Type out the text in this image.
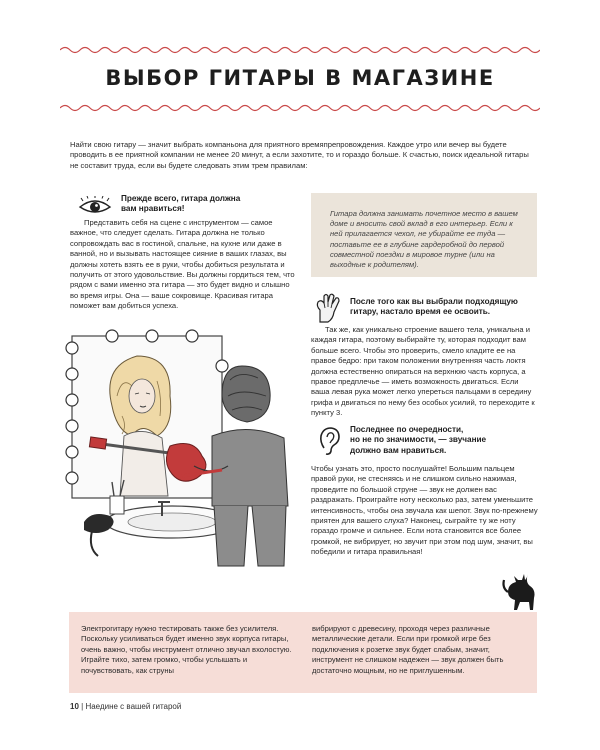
ВЫБОР ГИТАРЫ В МАГАЗИНЕ
Найти свою гитару — значит выбрать компаньона для приятного времяпрепровождения. Каждое утро или вечер вы будете проводить в ее приятной компании не менее 20 минут, а если захотите, то и гораздо больше. К счастью, поиск идеальной гитары не составит труда, если вы будете следовать этим трем правилам:
Прежде всего, гитара должна
вам нравиться!
Представить себя на сцене с инструментом — самое важное, что следует сделать. Гитара должна не только сопровождать вас в гостиной, спальне, на кухне или даже в ванной, но и вызывать настоящее сияние в ваших глазах, вы должны хотеть взять ее в руки, чтобы добиться результата и получить от этого удовольствие. Вы должны гордиться тем, что рядом с вами именно эта гитара — это будет видно и слышно во время игры. Она — ваше сокровище. Красивая гитара поможет вам добиться успеха.
Гитара должна занимать почетное место в вашем доме и вносить свой вклад в его интерьер. Если к ней прилагается чехол, не убирайте ее туда — поставьте ее в глубине гардеробной до первой совместной поездки в мировое турне (или на выходные к родителям).
После того как вы выбрали подходящую
гитару, настало время ее освоить.
Так же, как уникально строение вашего тела, уникальна и каждая гитара, поэтому выбирайте ту, которая подходит вам больше всего. Чтобы это проверить, смело кладите ее на правое бедро: при таком положении внутренняя часть локтя должна естественно опираться на верхнюю часть корпуса, а правое предплечье — иметь возможность двигаться. Если ваша левая рука может легко упереться пальцами в середину грифа и двигаться по нему без особых усилий, то переходите к пункту 3.
Последнее по очередности,
но не по значимости, — звучание
должно вам нравиться.
Чтобы узнать это, просто послушайте! Большим пальцем правой руки, не стесняясь и не слишком сильно нажимая, проведите по большой струне — звук не должен вас раздражать. Проиграйте ноту несколько раз, затем уменьшите интенсивность, чтобы она звучала как шепот. Звук по-прежнему приятен для вашего слуха? Наконец, сыграйте ту же ноту гораздо громче и сильнее. Если нота становится все более громкой, не вибрирует, но звучит при этом под шум, значит, вы победили и гитара правильная!
Электрогитару нужно тестировать также без усилителя. Поскольку усиливаться будет именно звук корпуса гитары, очень важно, чтобы инструмент отлично звучал вхолостую. Играйте тихо, затем громко, чтобы услышать и почувствовать, как струны
вибрируют с древесину, проходя через различные металлические детали. Если при громкой игре без подключения к розетке звук будет слабым, значит, инструмент не слишком надежен — звук должен быть достаточно мощным, но не приглушенным.
10 | Наедине с вашей гитарой
